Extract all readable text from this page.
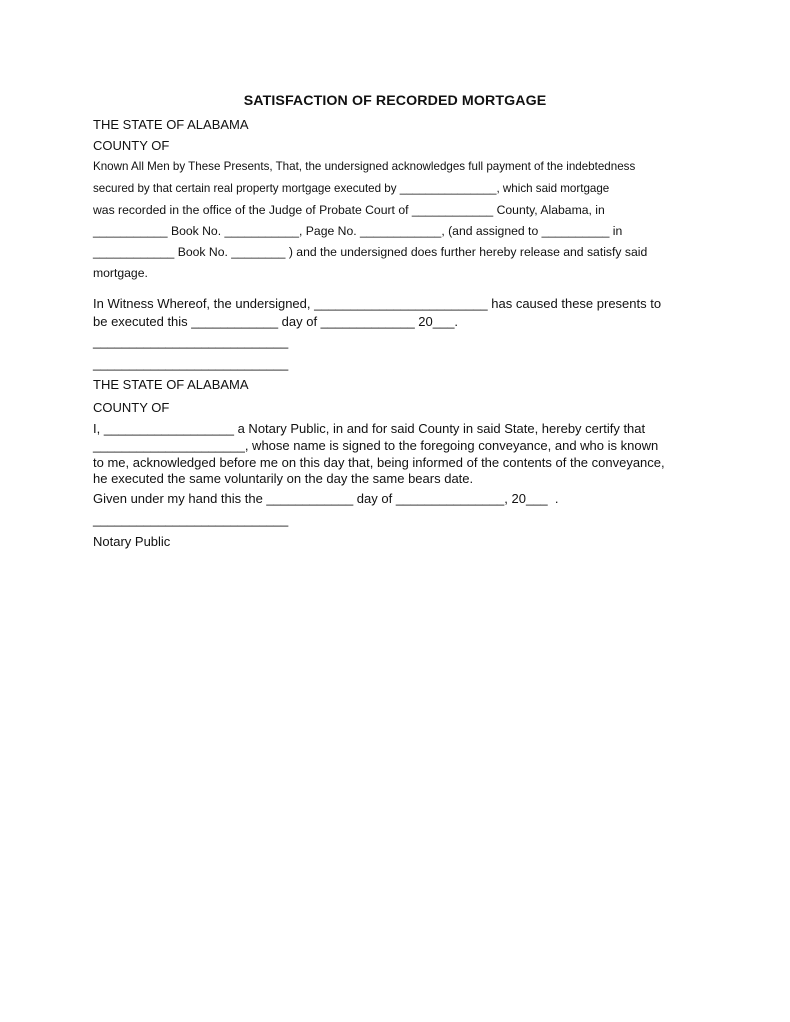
SATISFACTION OF RECORDED MORTGAGE
THE STATE OF ALABAMA
COUNTY OF
Known All Men by These Presents, That, the undersigned acknowledges full payment of the indebtedness
secured by that certain real property mortgage executed by _______________, which said mortgage
was recorded in the office of the Judge of Probate Court of ____________ County, Alabama, in
___________ Book No. ___________, Page No. ____________, (and assigned to __________ in
____________ Book No. ________ ) and the undersigned does further hereby release and satisfy said
mortgage.
In Witness Whereof, the undersigned, ________________________ has caused these presents to
be executed this ____________ day of _____________ 20___.
___________________________
___________________________
THE STATE OF ALABAMA
COUNTY OF
I, __________________ a Notary Public, in and for said County in said State, hereby certify that
_____________________, whose name is signed to the foregoing conveyance, and who is known
to me, acknowledged before me on this day that, being informed of the contents of the conveyance,
he executed the same voluntarily on the day the same bears date.
Given under my hand this the ____________ day of _______________, 20___  .
___________________________
Notary Public
